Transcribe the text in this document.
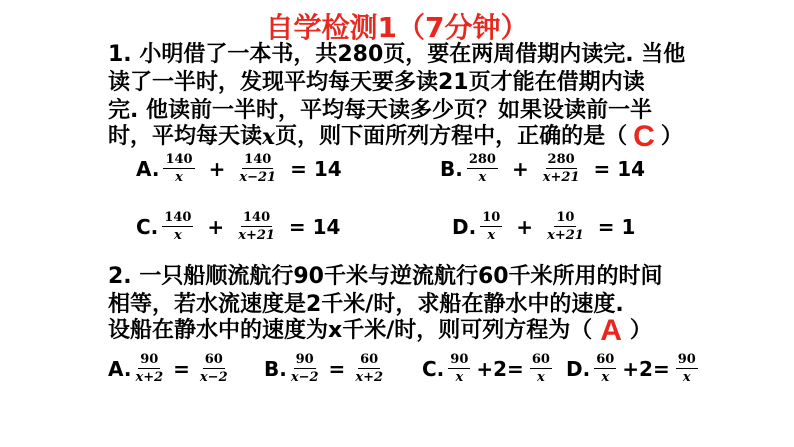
自学检测1（7分钟）
1. 小明借了一本书，共280页，要在两周借期内读完. 当他
读了一半时，发现平均每天要多读21页才能在借期内读
完. 他读前一半时，平均每天读多少页？如果设读前一半
时，平均每天读 x 页，则下面所列方程中，正确的是（ C ）
A. $\frac{140}{x} + \frac{140}{x-21} = 14$	B. $\frac{280}{x} + \frac{280}{x+21} = 14$
C. $\frac{140}{x} + \frac{140}{x+21} = 14$	D. $\frac{10}{x} + \frac{10}{x+21} = 1$
2. 一只船顺流航行90千米与逆流航行60千米所用的时间
相等，若水流速度是2千米/时，求船在静水中的速度.
设船在静水中的速度为x千米/时，则可列方程为（ A ）
A. $\frac{90}{x+2} = \frac{60}{x-2} B$. $\frac{90}{x-2} = \frac{60}{x+2} C$. $\frac{90}{x} +2= \frac{60}{x} D$. $\frac{60}{x} +2= \frac{90}{x}$
